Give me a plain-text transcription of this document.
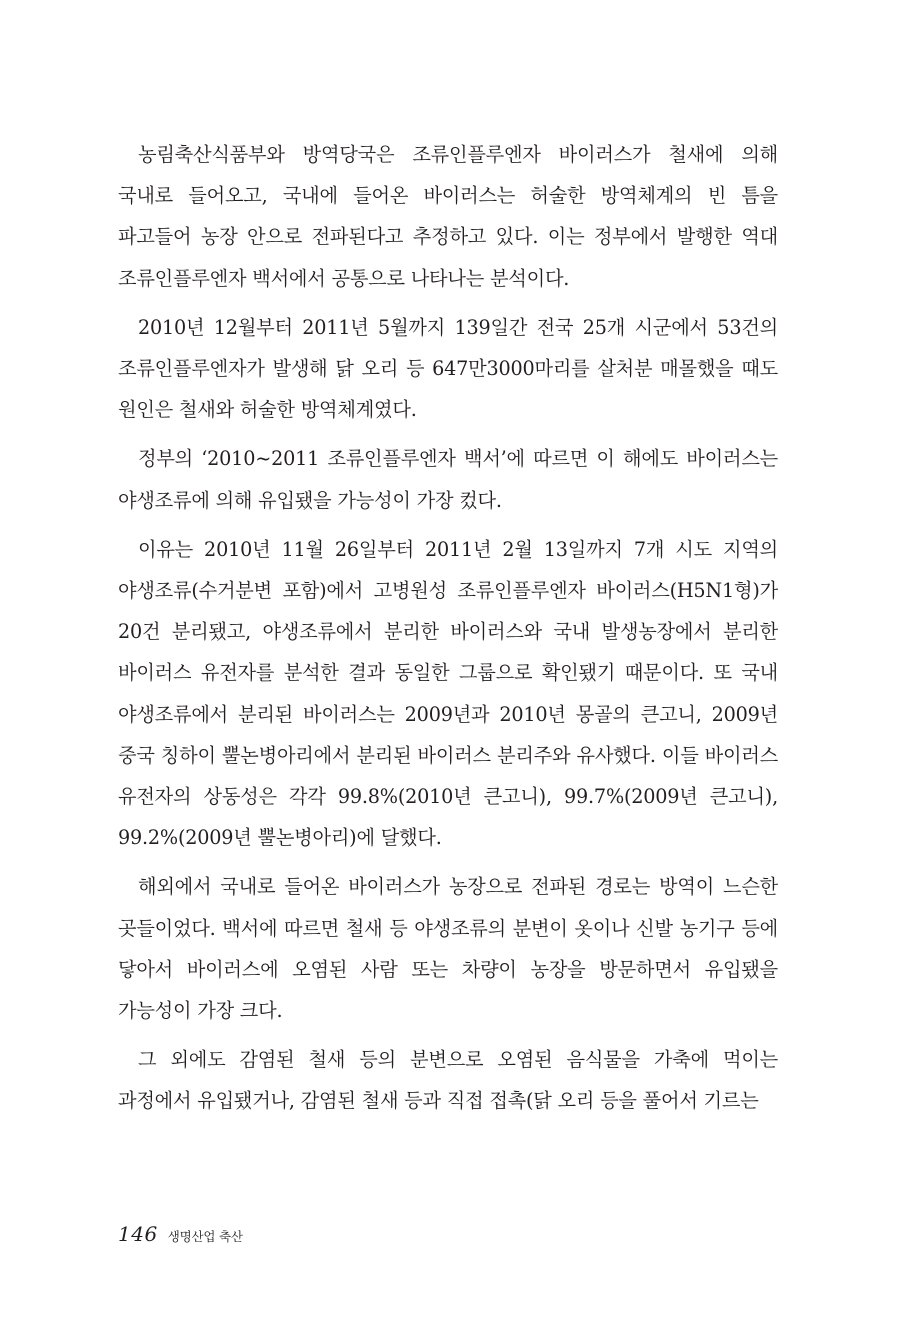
농림축산식품부와 방역당국은 조류인플루엔자 바이러스가 철새에 의해 국내로 들어오고, 국내에 들어온 바이러스는 허술한 방역체계의 빈 틈을 파고들어 농장 안으로 전파된다고 추정하고 있다. 이는 정부에서 발행한 역대 조류인플루엔자 백서에서 공통으로 나타나는 분석이다.

2010년 12월부터 2011년 5월까지 139일간 전국 25개 시군에서 53건의 조류인플루엔자가 발생해 닭 오리 등 647만3000마리를 살처분 매몰했을 때도 원인은 철새와 허술한 방역체계였다.

정부의 ‘2010~2011 조류인플루엔자 백서’에 따르면 이 해에도 바이러스는 야생조류에 의해 유입됐을 가능성이 가장 컸다.

이유는 2010년 11월 26일부터 2011년 2월 13일까지 7개 시도 지역의 야생조류(수거분변 포함)에서 고병원성 조류인플루엔자 바이러스(H5N1형)가 20건 분리됐고, 야생조류에서 분리한 바이러스와 국내 발생농장에서 분리한 바이러스 유전자를 분석한 결과 동일한 그룹으로 확인됐기 때문이다. 또 국내 야생조류에서 분리된 바이러스는 2009년과 2010년 몽골의 큰고니, 2009년 중국 칭하이 뿔논병아리에서 분리된 바이러스 분리주와 유사했다. 이들 바이러스 유전자의 상동성은 각각 99.8%(2010년 큰고니), 99.7%(2009년 큰고니), 99.2%(2009년 뿔논병아리)에 달했다.

해외에서 국내로 들어온 바이러스가 농장으로 전파된 경로는 방역이 느슨한 곳들이었다. 백서에 따르면 철새 등 야생조류의 분변이 옷이나 신발 농기구 등에 닿아서 바이러스에 오염된 사람 또는 차량이 농장을 방문하면서 유입됐을 가능성이 가장 크다.

그 외에도 감염된 철새 등의 분변으로 오염된 음식물을 가축에 먹이는 과정에서 유입됐거나, 감염된 철새 등과 직접 접촉(닭 오리 등을 풀어서 기르는

146 생명산업 축산
